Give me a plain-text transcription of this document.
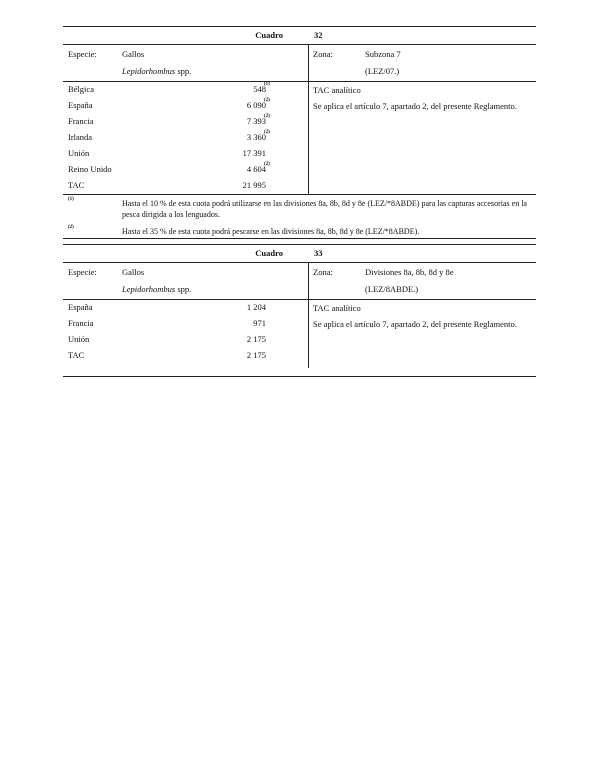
Cuadro	32
Especie:	Gallos
Lepidorhombus spp.
Zona:	Subzona 7
(LEZ/07.)
Bélgica	548
(1)
España	6 090
(2)
Francia	7 393
(2)
Irlanda	3 360
(2)
Unión	17 391
Reino Unido	4 604
(2)
TAC	21 995
TAC analítico
Se aplica el artículo 7, apartado 2, del presente Reglamento.
(1)	Hasta el 10 % de esta cuota podrá utilizarse en las divisiones 8a, 8b, 8d y 8e (LEZ/*8ABDE) para las capturas accesorias en la pesca dirigida a los lenguados.
(2)	Hasta el 35 % de esta cuota podrá pescarse en las divisiones 8a, 8b, 8d y 8e (LEZ/*8ABDE).
Cuadro	33
Especie:	Gallos
Lepidorhombus spp.
Zona:	Divisiones 8a, 8b, 8d y 8e
(LEZ/8ABDE.)
España	1 204
Francia	971
Unión	2 175
TAC	2 175
TAC analítico
Se aplica el artículo 7, apartado 2, del presente Reglamento.
